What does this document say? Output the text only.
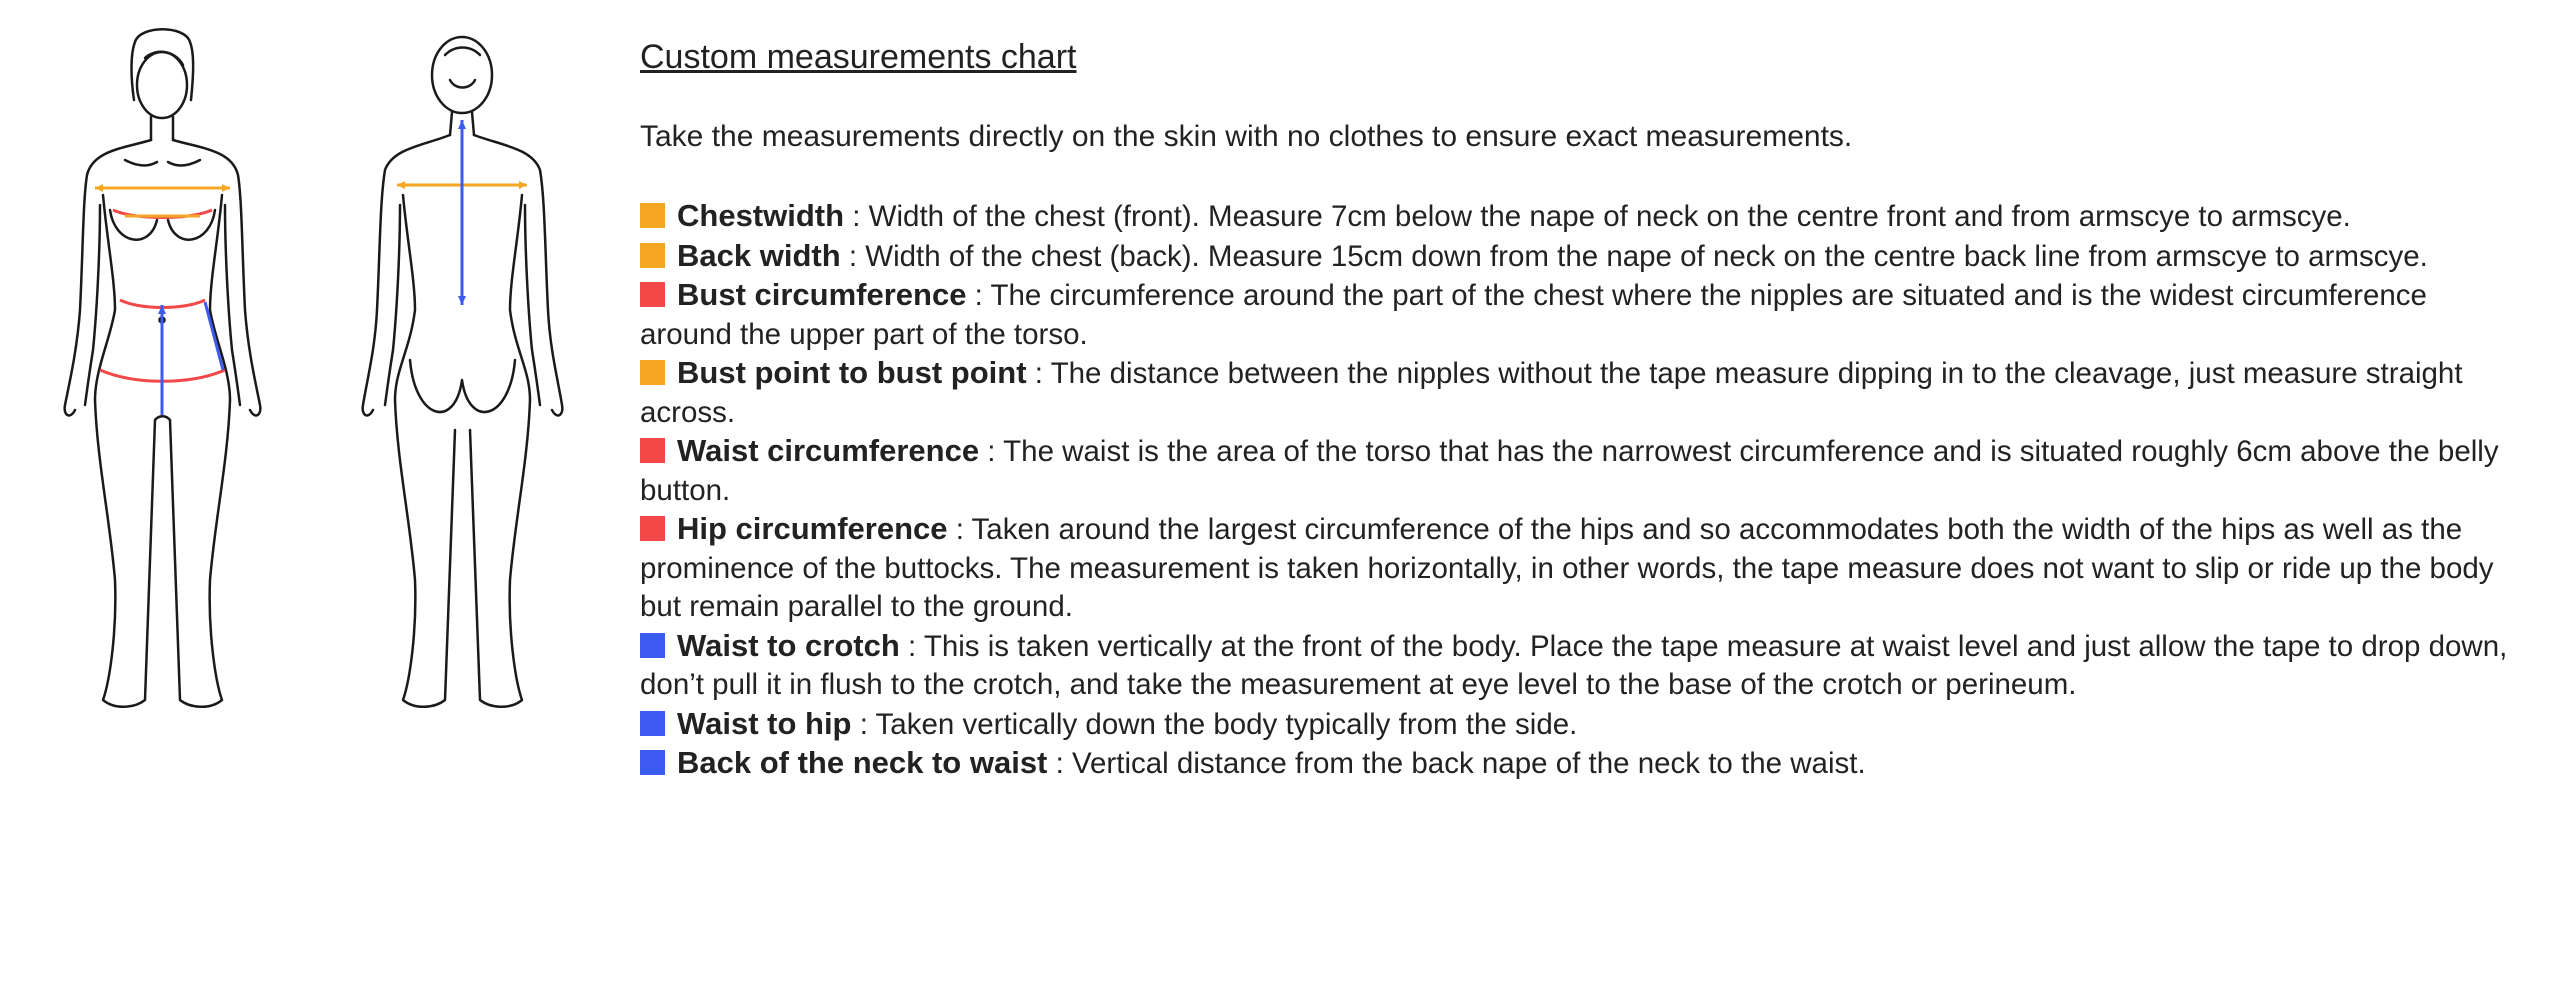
Custom measurements chart

Take the measurements directly on the skin with no clothes to ensure exact measurements.

Chestwidth : Width of the chest (front). Measure 7cm below the nape of neck on the centre front and from armscye to armscye.
Back width : Width of the chest (back). Measure 15cm down from the nape of neck on the centre back line from armscye to armscye.
Bust circumference : The circumference around the part of the chest where the nipples are situated and is the widest circumference around the upper part of the torso.
Bust point to bust point : The distance between the nipples without the tape measure dipping in to the cleavage, just measure straight across.
Waist circumference : The waist is the area of the torso that has the narrowest circumference and is situated roughly 6cm above the belly button.
Hip circumference : Taken around the largest circumference of the hips and so accommodates both the width of the hips as well as the prominence of the buttocks. The measurement is taken horizontally, in other words, the tape measure does not want to slip or ride up the body but remain parallel to the ground.
Waist to crotch : This is taken vertically at the front of the body. Place the tape measure at waist level and just allow the tape to drop down, don’t pull it in flush to the crotch, and take the measurement at eye level to the base of the crotch or perineum.
Waist to hip : Taken vertically down the body typically from the side.
Back of the neck to waist : Vertical distance from the back nape of the neck to the waist.
.
